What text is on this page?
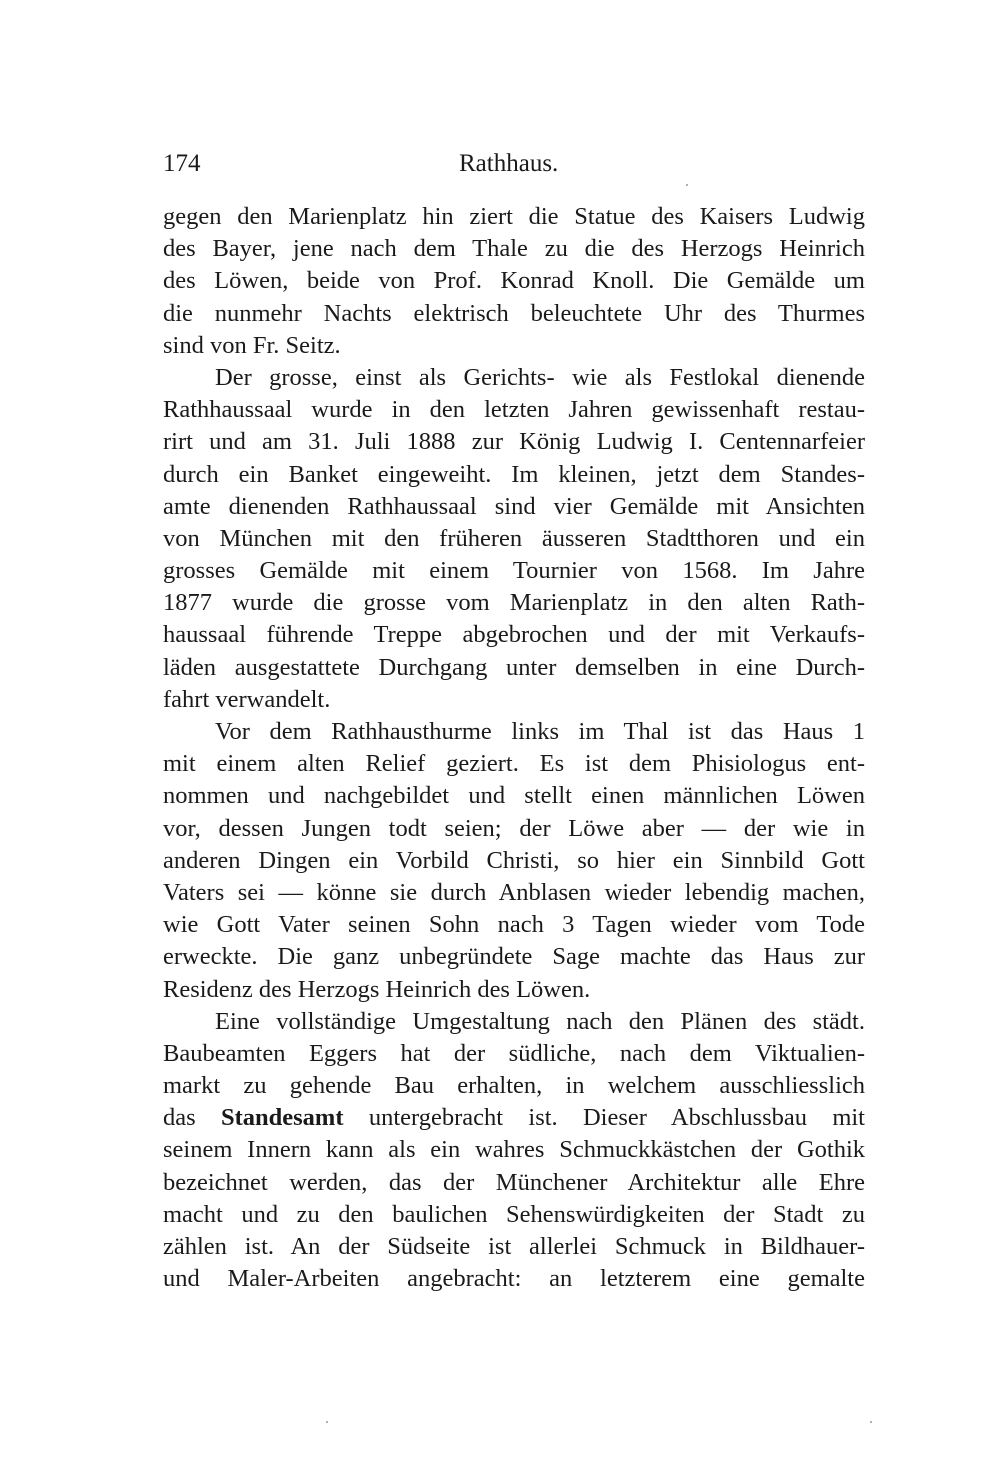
174	Rathhaus.
gegen den Marienplatz hin ziert die Statue des Kaisers Ludwig
des Bayer, jene nach dem Thale zu die des Herzogs Heinrich
des Löwen, beide von Prof. Konrad Knoll. Die Gemälde um
die nunmehr Nachts elektrisch beleuchtete Uhr des Thurmes
sind von Fr. Seitz.
Der grosse, einst als Gerichts- wie als Festlokal dienende
Rathhaussaal wurde in den letzten Jahren gewissenhaft restau-
rirt und am 31. Juli 1888 zur König Ludwig I. Centennarfeier
durch ein Banket eingeweiht. Im kleinen, jetzt dem Standes-
amte dienenden Rathhaussaal sind vier Gemälde mit Ansichten
von München mit den früheren äusseren Stadtthoren und ein
grosses Gemälde mit einem Tournier von 1568. Im Jahre
1877 wurde die grosse vom Marienplatz in den alten Rath-
haussaal führende Treppe abgebrochen und der mit Verkaufs-
läden ausgestattete Durchgang unter demselben in eine Durch-
fahrt verwandelt.
Vor dem Rathhausthurme links im Thal ist das Haus 1
mit einem alten Relief geziert. Es ist dem Phisiologus ent-
nommen und nachgebildet und stellt einen männlichen Löwen
vor, dessen Jungen todt seien; der Löwe aber — der wie in
anderen Dingen ein Vorbild Christi, so hier ein Sinnbild Gott
Vaters sei — könne sie durch Anblasen wieder lebendig machen,
wie Gott Vater seinen Sohn nach 3 Tagen wieder vom Tode
erweckte. Die ganz unbegründete Sage machte das Haus zur
Residenz des Herzogs Heinrich des Löwen.
Eine vollständige Umgestaltung nach den Plänen des städt.
Baubeamten Eggers hat der südliche, nach dem Viktualien-
markt zu gehende Bau erhalten, in welchem ausschliesslich
das Standesamt untergebracht ist. Dieser Abschlussbau mit
seinem Innern kann als ein wahres Schmuckkästchen der Gothik
bezeichnet werden, das der Münchener Architektur alle Ehre
macht und zu den baulichen Sehenswürdigkeiten der Stadt zu
zählen ist. An der Südseite ist allerlei Schmuck in Bildhauer-
und Maler-Arbeiten angebracht: an letzterem eine gemalte
